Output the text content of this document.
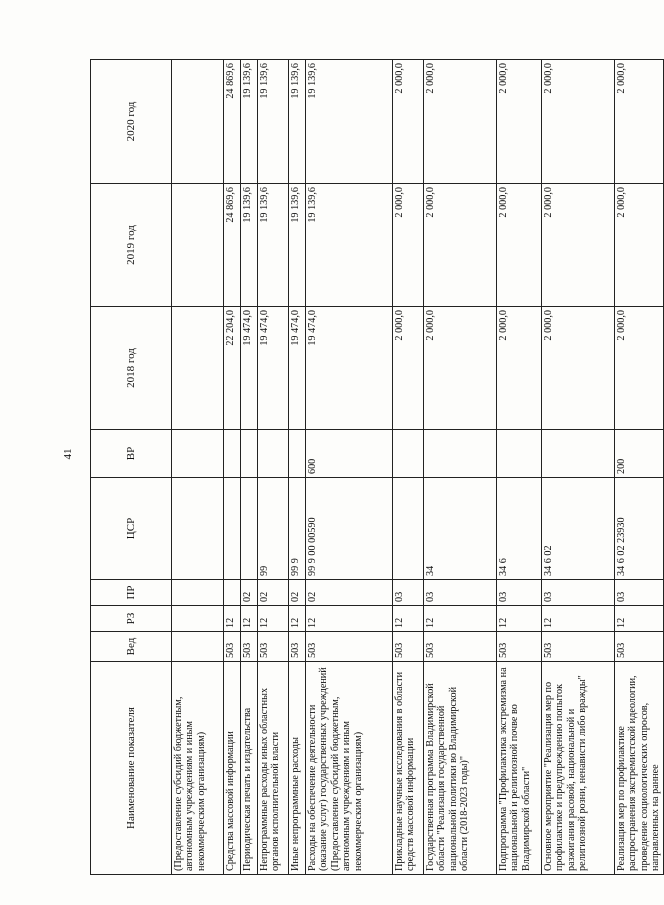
41
Наименование показателя	Вед	РЗ	ПР	ЦСР	ВР	2018 год	2019 год	2020 год
(Предоставление субсидий бюджетным, автономным учреждениям и иным некоммерческим организациям)								
Средства массовой информации	503	12				22 204,0	24 869,6	24 869,6
Периодическая печать и издательства	503	12	02			19 474,0	19 139,6	19 139,6
Непрограммные расходы иных областных органов исполнительной власти	503	12	02	99		19 474,0	19 139,6	19 139,6
Иные непрограммные расходы	503	12	02	99 9		19 474,0	19 139,6	19 139,6
Расходы на обеспечение деятельности (оказание услуг) государственных учреждений (Предоставление субсидий бюджетным, автономным учреждениям и иным некоммерческим организациям)	503	12	02	99 9 00 00590	600	19 474,0	19 139,6	19 139,6
Прикладные научные исследования в области средств массовой информации	503	12	03			2 000,0	2 000,0	2 000,0
Государственная программа Владимирской области "Реализация государственной национальной политики во Владимирской области (2018-2023 годы)"	503	12	03	34		2 000,0	2 000,0	2 000,0
Подпрограмма "Профилактика экстремизма на национальной и религиозной почве во Владимирской области"	503	12	03	34 6		2 000,0	2 000,0	2 000,0
Основное мероприятие "Реализация мер по профилактике и предупреждению попыток разжигания расовой, национальной и религиозной розни, ненависти либо вражды"	503	12	03	34 6 02		2 000,0	2 000,0	2 000,0
Реализация мер по профилактике распространения экстремистской идеологии, проведение социологических опросов, направленных на раннее	503	12	03	34 6 02 23930	200	2 000,0	2 000,0	2 000,0
